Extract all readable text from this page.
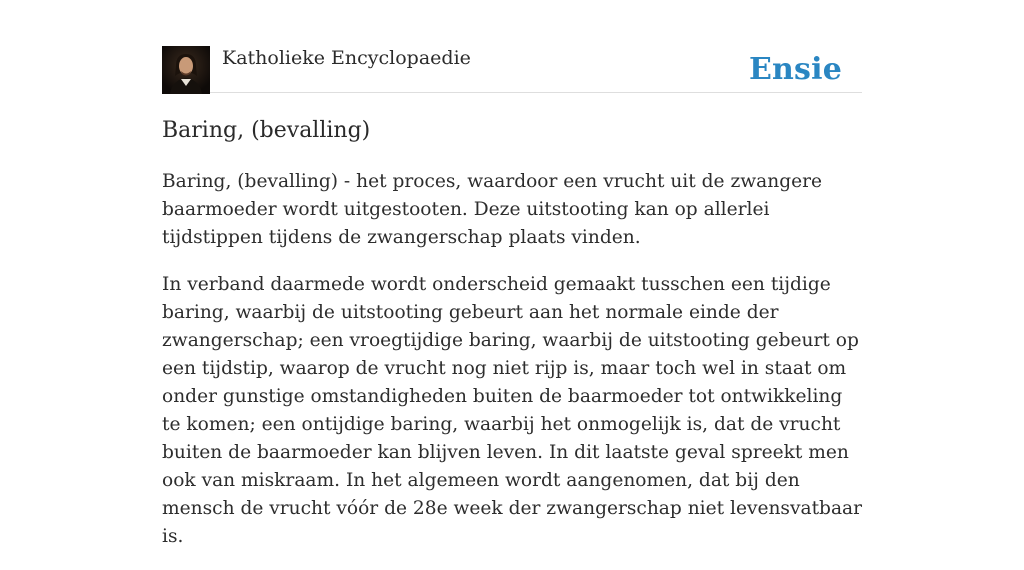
Katholieke Encyclopaedie	Ensie
Baring, (bevalling)

Baring, (bevalling) - het proces, waardoor een vrucht uit de zwangere baarmoeder wordt uitgestooten. Deze uitstooting kan op allerlei tijdstippen tijdens de zwangerschap plaats vinden.

In verband daarmede wordt onderscheid gemaakt tusschen een tijdige baring, waarbij de uitstooting gebeurt aan het normale einde der zwangerschap; een vroegtijdige baring, waarbij de uitstooting gebeurt op een tijdstip, waarop de vrucht nog niet rijp is, maar toch wel in staat om onder gunstige omstandigheden buiten de baarmoeder tot ontwikkeling te komen; een ontijdige baring, waarbij het onmogelijk is, dat de vrucht buiten de baarmoeder kan blijven leven. In dit laatste geval spreekt men ook van miskraam. In het algemeen wordt aangenomen, dat bij den mensch de vrucht vóór de 28e week der zwangerschap niet levensvatbaar is.
